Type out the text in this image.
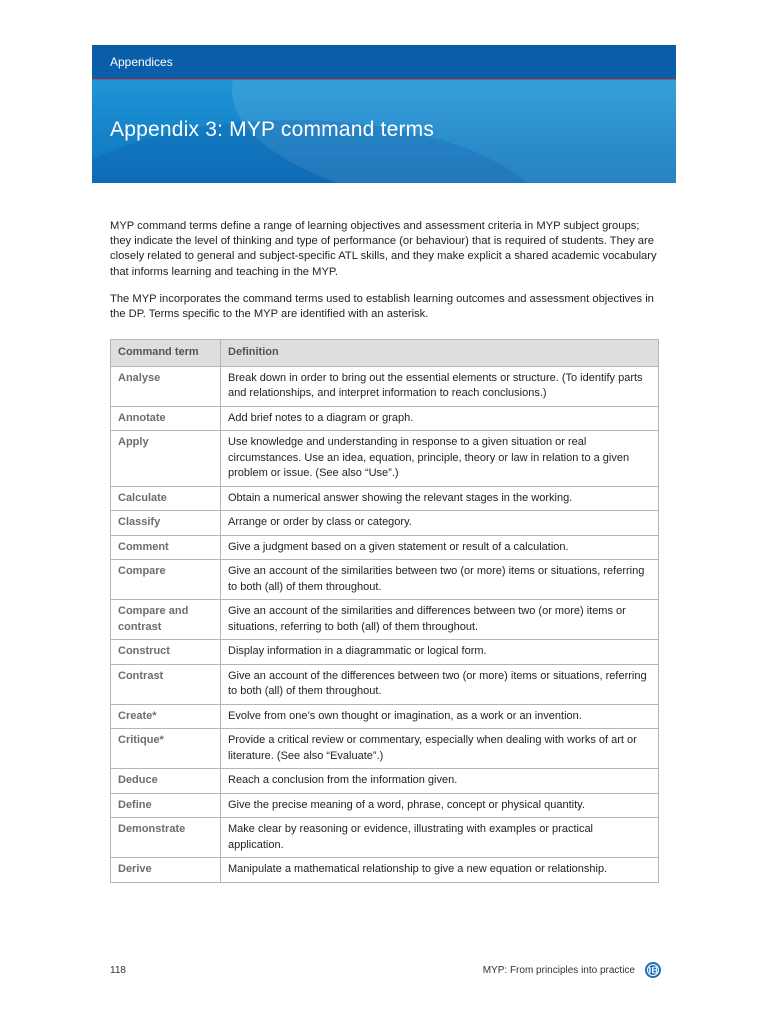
Appendices
Appendix 3: MYP command terms

MYP command terms define a range of learning objectives and assessment criteria in MYP subject groups; they indicate the level of thinking and type of performance (or behaviour) that is required of students. They are closely related to general and subject-specific ATL skills, and they make explicit a shared academic vocabulary that informs learning and teaching in the MYP.

The MYP incorporates the command terms used to establish learning outcomes and assessment objectives in the DP. Terms specific to the MYP are identified with an asterisk.

Command term	Definition
Analyse	Break down in order to bring out the essential elements or structure. (To identify parts and relationships, and interpret information to reach conclusions.)
Annotate	Add brief notes to a diagram or graph.
Apply	Use knowledge and understanding in response to a given situation or real circumstances. Use an idea, equation, principle, theory or law in relation to a given problem or issue. (See also “Use”.)
Calculate	Obtain a numerical answer showing the relevant stages in the working.
Classify	Arrange or order by class or category.
Comment	Give a judgment based on a given statement or result of a calculation.
Compare	Give an account of the similarities between two (or more) items or situations, referring to both (all) of them throughout.
Compare and contrast	Give an account of the similarities and differences between two (or more) items or situations, referring to both (all) of them throughout.
Construct	Display information in a diagrammatic or logical form.
Contrast	Give an account of the differences between two (or more) items or situations, referring to both (all) of them throughout.
Create*	Evolve from one’s own thought or imagination, as a work or an invention.
Critique*	Provide a critical review or commentary, especially when dealing with works of art or literature. (See also “Evaluate”.)
Deduce	Reach a conclusion from the information given.
Define	Give the precise meaning of a word, phrase, concept or physical quantity.
Demonstrate	Make clear by reasoning or evidence, illustrating with examples or practical application.
Derive	Manipulate a mathematical relationship to give a new equation or relationship.
118	MYP: From principles into practice
